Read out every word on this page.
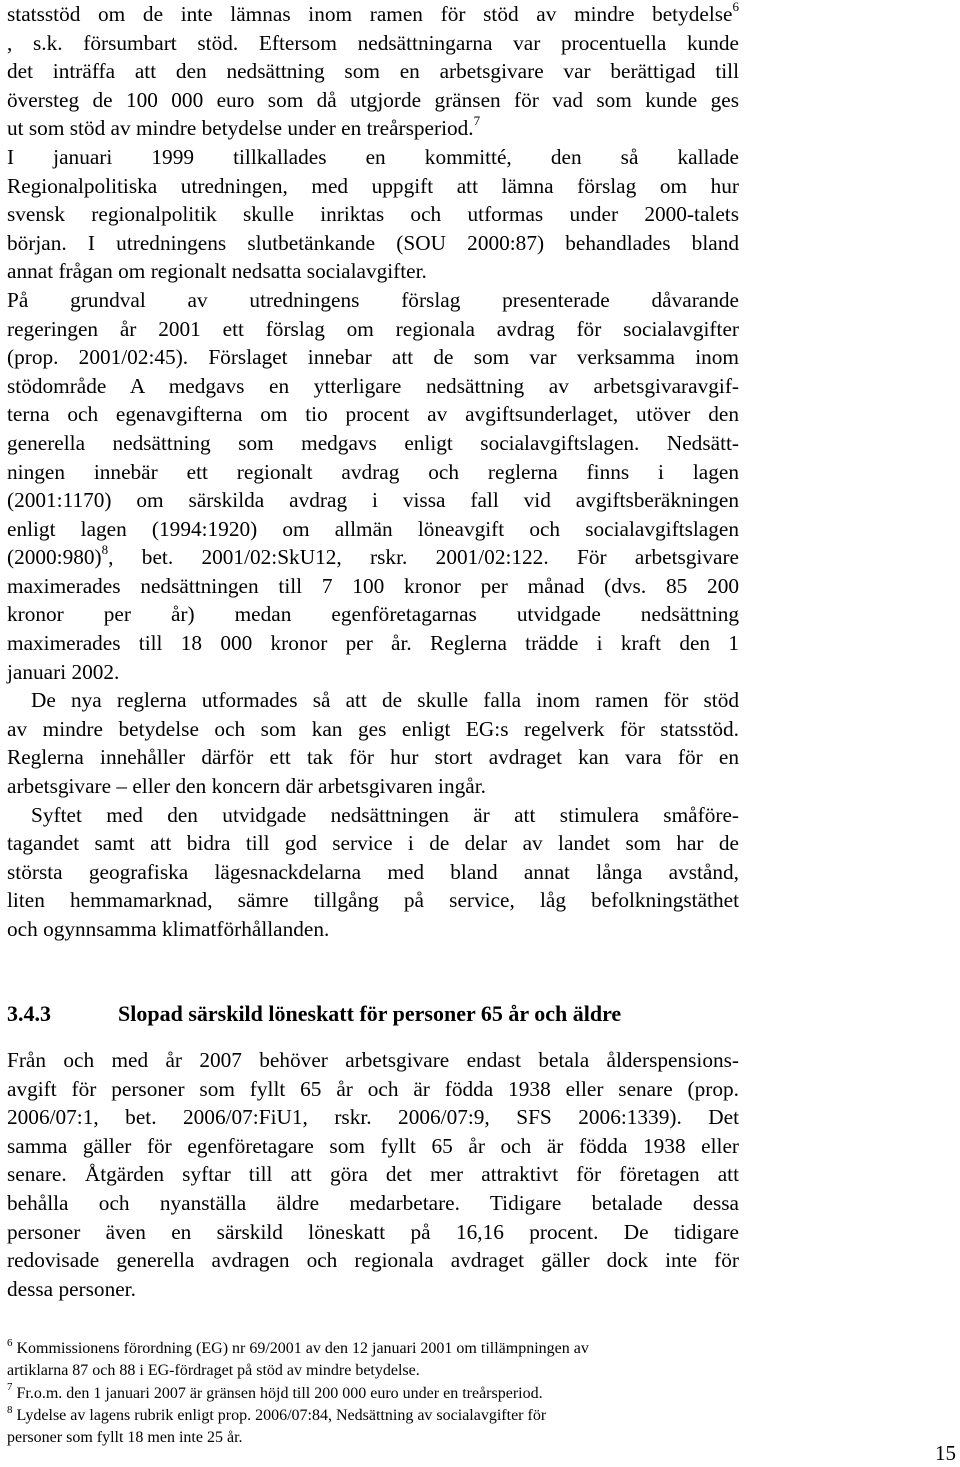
statsstöd om de inte lämnas inom ramen för stöd av mindre betydelse$^6$
, s.k. försumbart stöd. Eftersom nedsättningarna var procentuella kunde
det inträffa att den nedsättning som en arbetsgivare var berättigad till
översteg de 100 000 euro som då utgjorde gränsen för vad som kunde ges
ut som stöd av mindre betydelse under en treårsperiod.$^7$

I januari 1999 tillkallades en kommitté, den så kallade
Regionalpolitiska utredningen, med uppgift att lämna förslag om hur
svensk regionalpolitik skulle inriktas och utformas under 2000-talets
början. I utredningens slutbetänkande (SOU 2000:87) behandlades bland
annat frågan om regionalt nedsatta socialavgifter.

På grundval av utredningens förslag presenterade dåvarande
regeringen år 2001 ett förslag om regionala avdrag för socialavgifter
(prop. 2001/02:45). Förslaget innebar att de som var verksamma inom
stödområde A medgavs en ytterligare nedsättning av arbetsgivaravgif-
terna och egenavgifterna om tio procent av avgiftsunderlaget, utöver den
generella nedsättning som medgavs enligt socialavgiftslagen. Nedsätt-
ningen innebär ett regionalt avdrag och reglerna finns i lagen
(2001:1170) om särskilda avdrag i vissa fall vid avgiftsberäkningen
enligt lagen (1994:1920) om allmän löneavgift och socialavgiftslagen
(2000:980)$^8$, bet. 2001/02:SkU12, rskr. 2001/02:122. För arbetsgivare
maximerades nedsättningen till 7 100 kronor per månad (dvs. 85 200
kronor per år) medan egenföretagarnas utvidgade nedsättning
maximerades till 18 000 kronor per år. Reglerna trädde i kraft den 1
januari 2002.

De nya reglerna utformades så att de skulle falla inom ramen för stöd
av mindre betydelse och som kan ges enligt EG:s regelverk för statsstöd.
Reglerna innehåller därför ett tak för hur stort avdraget kan vara för en
arbetsgivare – eller den koncern där arbetsgivaren ingår.

Syftet med den utvidgade nedsättningen är att stimulera småföre-
tagandet samt att bidra till god service i de delar av landet som har de
största geografiska lägesnackdelarna med bland annat långa avstånd,
liten hemmamarknad, sämre tillgång på service, låg befolkningstäthet
och ogynnsamma klimatförhållanden.

3.4.3	Slopad särskild löneskatt för personer 65 år och äldre

Från och med år 2007 behöver arbetsgivare endast betala ålderspensions-
avgift för personer som fyllt 65 år och är födda 1938 eller senare (prop.
2006/07:1, bet. 2006/07:FiU1, rskr. 2006/07:9, SFS 2006:1339). Det
samma gäller för egenföretagare som fyllt 65 år och är födda 1938 eller
senare. Åtgärden syftar till att göra det mer attraktivt för företagen att
behålla och nyanställa äldre medarbetare. Tidigare betalade dessa
personer även en särskild löneskatt på 16,16 procent. De tidigare
redovisade generella avdragen och regionala avdraget gäller dock inte för
dessa personer.

$^6$ Kommissionens förordning (EG) nr 69/2001 av den 12 januari 2001 om tillämpningen av
artiklarna 87 och 88 i EG-fördraget på stöd av mindre betydelse.
$^7$ Fr.o.m. den 1 januari 2007 är gränsen höjd till 200 000 euro under en treårsperiod.
$^8$ Lydelse av lagens rubrik enligt prop. 2006/07:84, Nedsättning av socialavgifter för
personer som fyllt 18 men inte 25 år.
15
